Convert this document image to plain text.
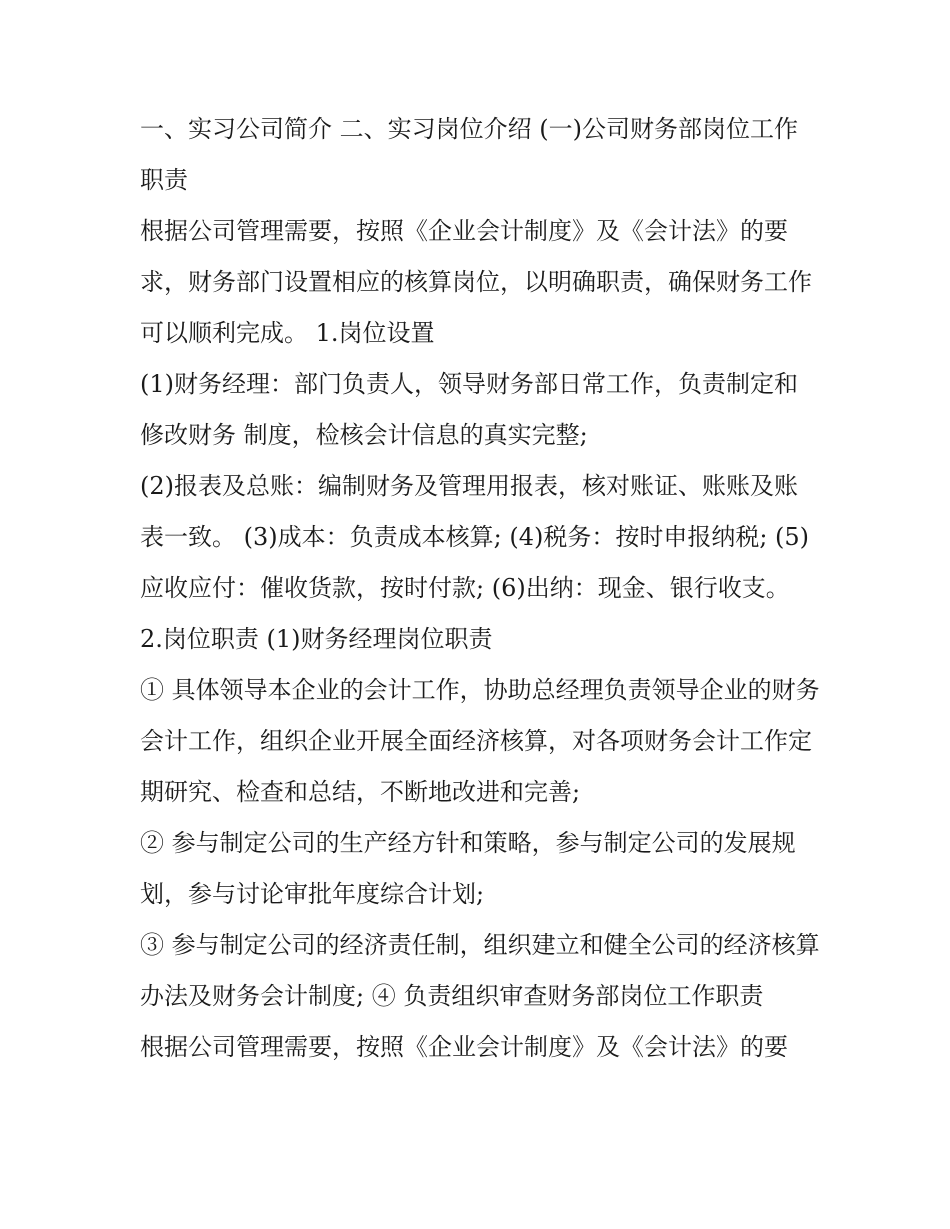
一、实习公司简介 二、实习岗位介绍 (一)公司财务部岗位工作职责

根据公司管理需要，按照《企业会计制度》及《会计法》的要求，财务部门设置相应的核算岗位，以明确职责，确保财务工作可以顺利完成。 1.岗位设置

(1)财务经理：部门负责人，领导财务部日常工作，负责制定和修改财务 制度，检核会计信息的真实完整;

(2)报表及总账：编制财务及管理用报表，核对账证、账账及账表一致。 (3)成本：负责成本核算; (4)税务：按时申报纳税; (5)应收应付：催收货款，按时付款; (6)出纳：现金、银行收支。 2.岗位职责 (1)财务经理岗位职责

① 具体领导本企业的会计工作，协助总经理负责领导企业的财务会计工作，组织企业开展全面经济核算，对各项财务会计工作定期研究、检查和总结，不断地改进和完善;

② 参与制定公司的生产经方针和策略，参与制定公司的发展规划，参与讨论审批年度综合计划;

③ 参与制定公司的经济责任制，组织建立和健全公司的经济核算办法及财务会计制度; ④ 负责组织审查财务部岗位工作职责

根据公司管理需要，按照《企业会计制度》及《会计法》的要
